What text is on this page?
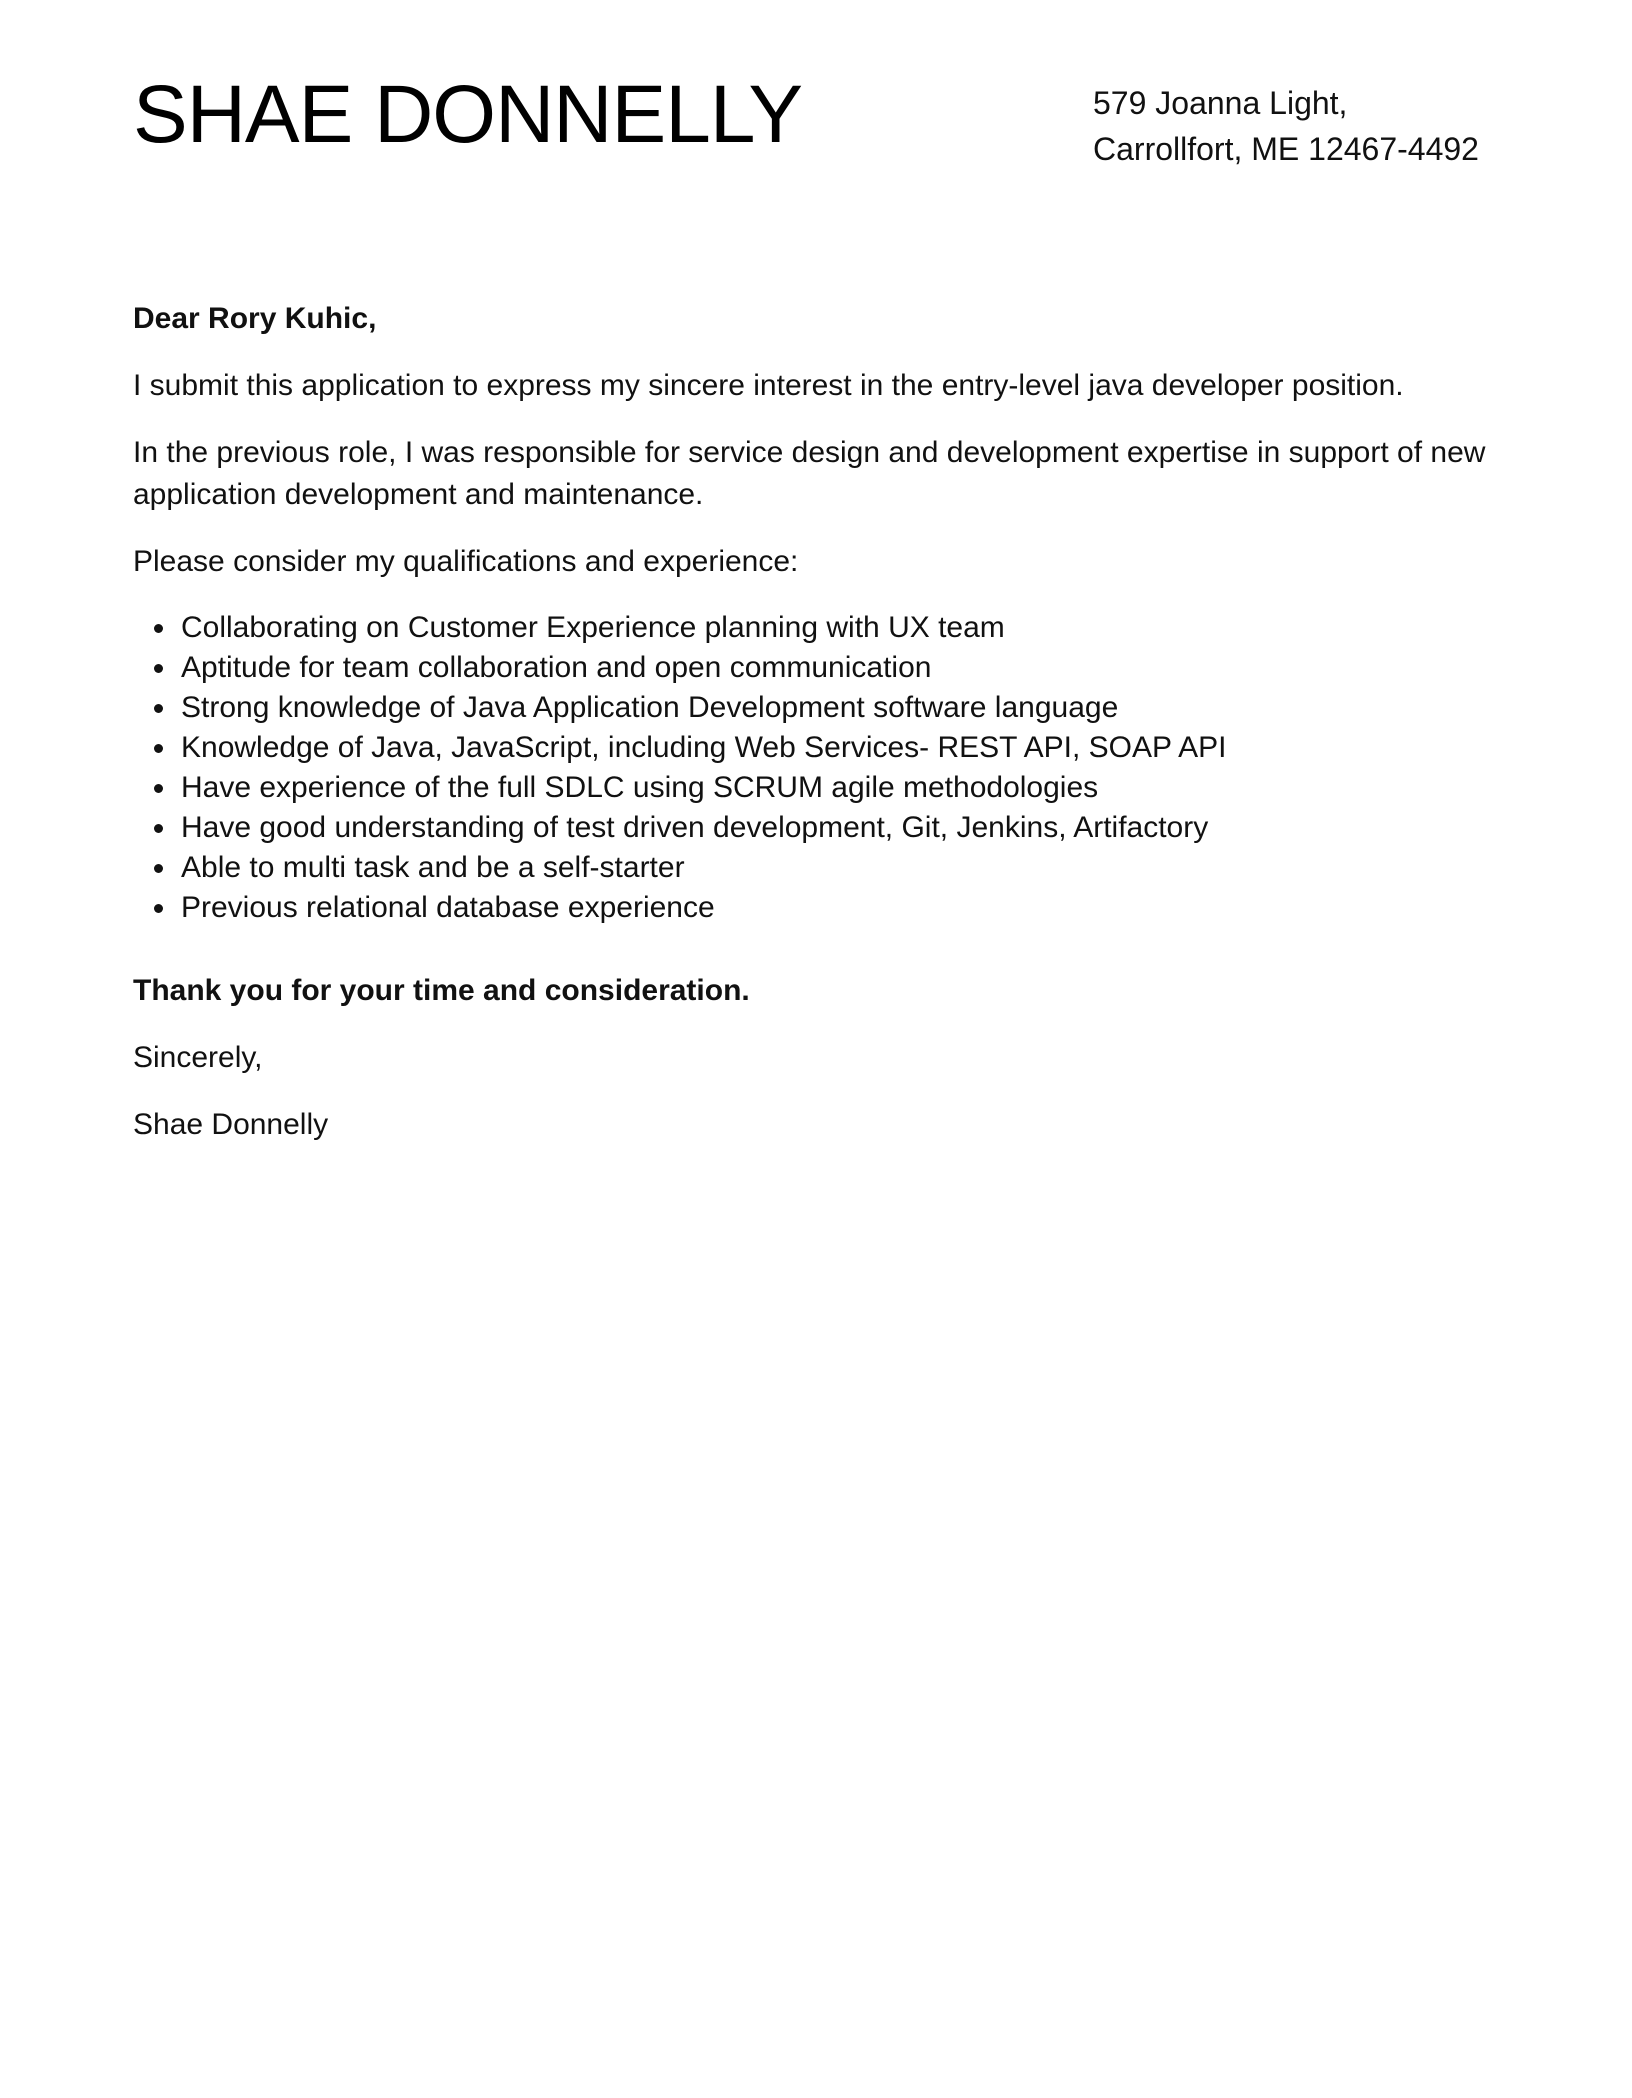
SHAE DONNELLY	579 Joanna Light,
Carrollfort, ME 12467-4492

Dear Rory Kuhic,

I submit this application to express my sincere interest in the entry-level java developer position.

In the previous role, I was responsible for service design and development expertise in support of new application development and maintenance.

Please consider my qualifications and experience:

Collaborating on Customer Experience planning with UX team
Aptitude for team collaboration and open communication
Strong knowledge of Java Application Development software language
Knowledge of Java, JavaScript, including Web Services- REST API, SOAP API
Have experience of the full SDLC using SCRUM agile methodologies
Have good understanding of test driven development, Git, Jenkins, Artifactory
Able to multi task and be a self-starter
Previous relational database experience

Thank you for your time and consideration.

Sincerely,

Shae Donnelly
